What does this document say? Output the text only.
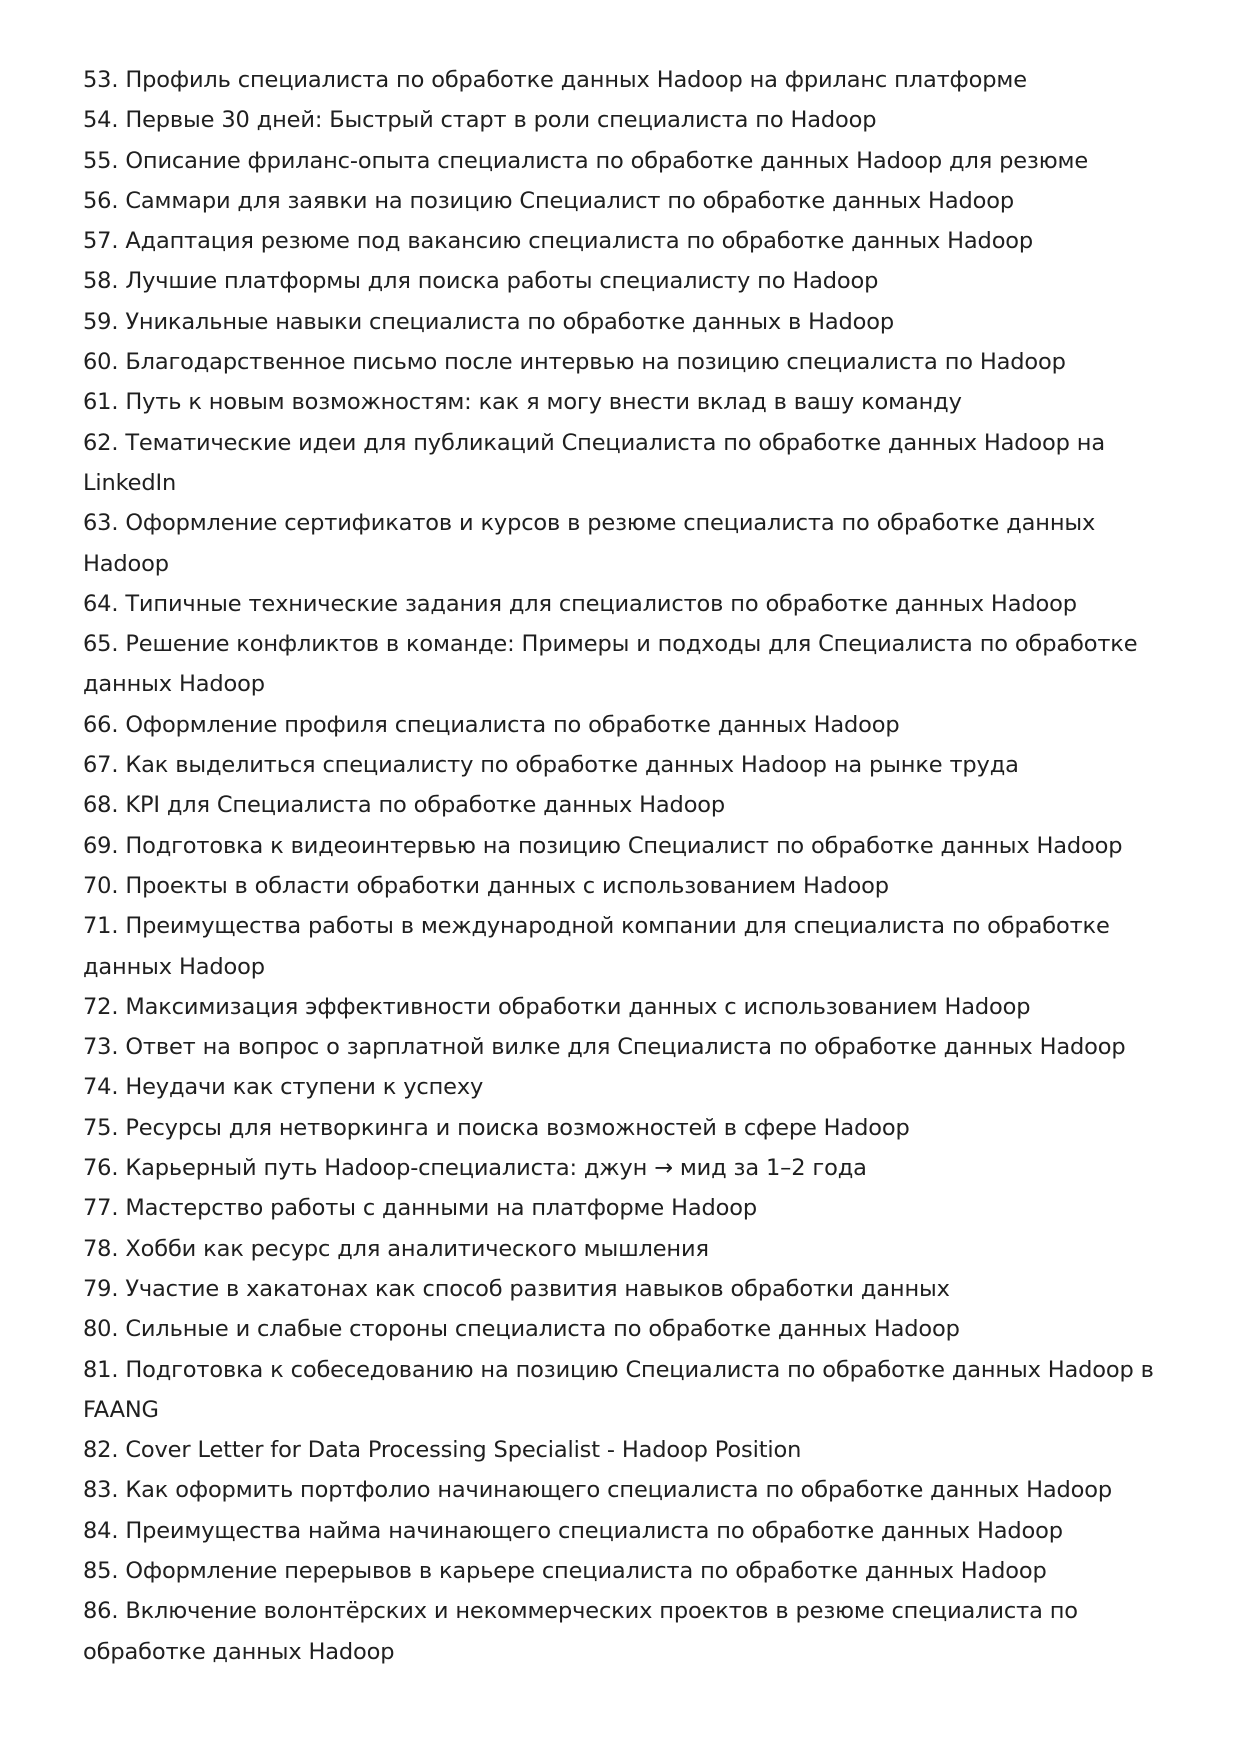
53. Профиль специалиста по обработке данных Hadoop на фриланс платформе
54. Первые 30 дней: Быстрый старт в роли специалиста по Hadoop
55. Описание фриланс-опыта специалиста по обработке данных Hadoop для резюме
56. Саммари для заявки на позицию Специалист по обработке данных Hadoop
57. Адаптация резюме под вакансию специалиста по обработке данных Hadoop
58. Лучшие платформы для поиска работы специалисту по Hadoop
59. Уникальные навыки специалиста по обработке данных в Hadoop
60. Благодарственное письмо после интервью на позицию специалиста по Hadoop
61. Путь к новым возможностям: как я могу внести вклад в вашу команду
62. Тематические идеи для публикаций Специалиста по обработке данных Hadoop на LinkedIn
63. Оформление сертификатов и курсов в резюме специалиста по обработке данных Hadoop
64. Типичные технические задания для специалистов по обработке данных Hadoop
65. Решение конфликтов в команде: Примеры и подходы для Специалиста по обработке данных Hadoop
66. Оформление профиля специалиста по обработке данных Hadoop
67. Как выделиться специалисту по обработке данных Hadoop на рынке труда
68. KPI для Специалиста по обработке данных Hadoop
69. Подготовка к видеоинтервью на позицию Специалист по обработке данных Hadoop
70. Проекты в области обработки данных с использованием Hadoop
71. Преимущества работы в международной компании для специалиста по обработке данных Hadoop
72. Максимизация эффективности обработки данных с использованием Hadoop
73. Ответ на вопрос о зарплатной вилке для Специалиста по обработке данных Hadoop
74. Неудачи как ступени к успеху
75. Ресурсы для нетворкинга и поиска возможностей в сфере Hadoop
76. Карьерный путь Hadoop-специалиста: джун → мид за 1–2 года
77. Мастерство работы с данными на платформе Hadoop
78. Хобби как ресурс для аналитического мышления
79. Участие в хакатонах как способ развития навыков обработки данных
80. Сильные и слабые стороны специалиста по обработке данных Hadoop
81. Подготовка к собеседованию на позицию Специалиста по обработке данных Hadoop в FAANG
82. Cover Letter for Data Processing Specialist - Hadoop Position
83. Как оформить портфолио начинающего специалиста по обработке данных Hadoop
84. Преимущества найма начинающего специалиста по обработке данных Hadoop
85. Оформление перерывов в карьере специалиста по обработке данных Hadoop
86. Включение волонтёрских и некоммерческих проектов в резюме специалиста по обработке данных Hadoop
